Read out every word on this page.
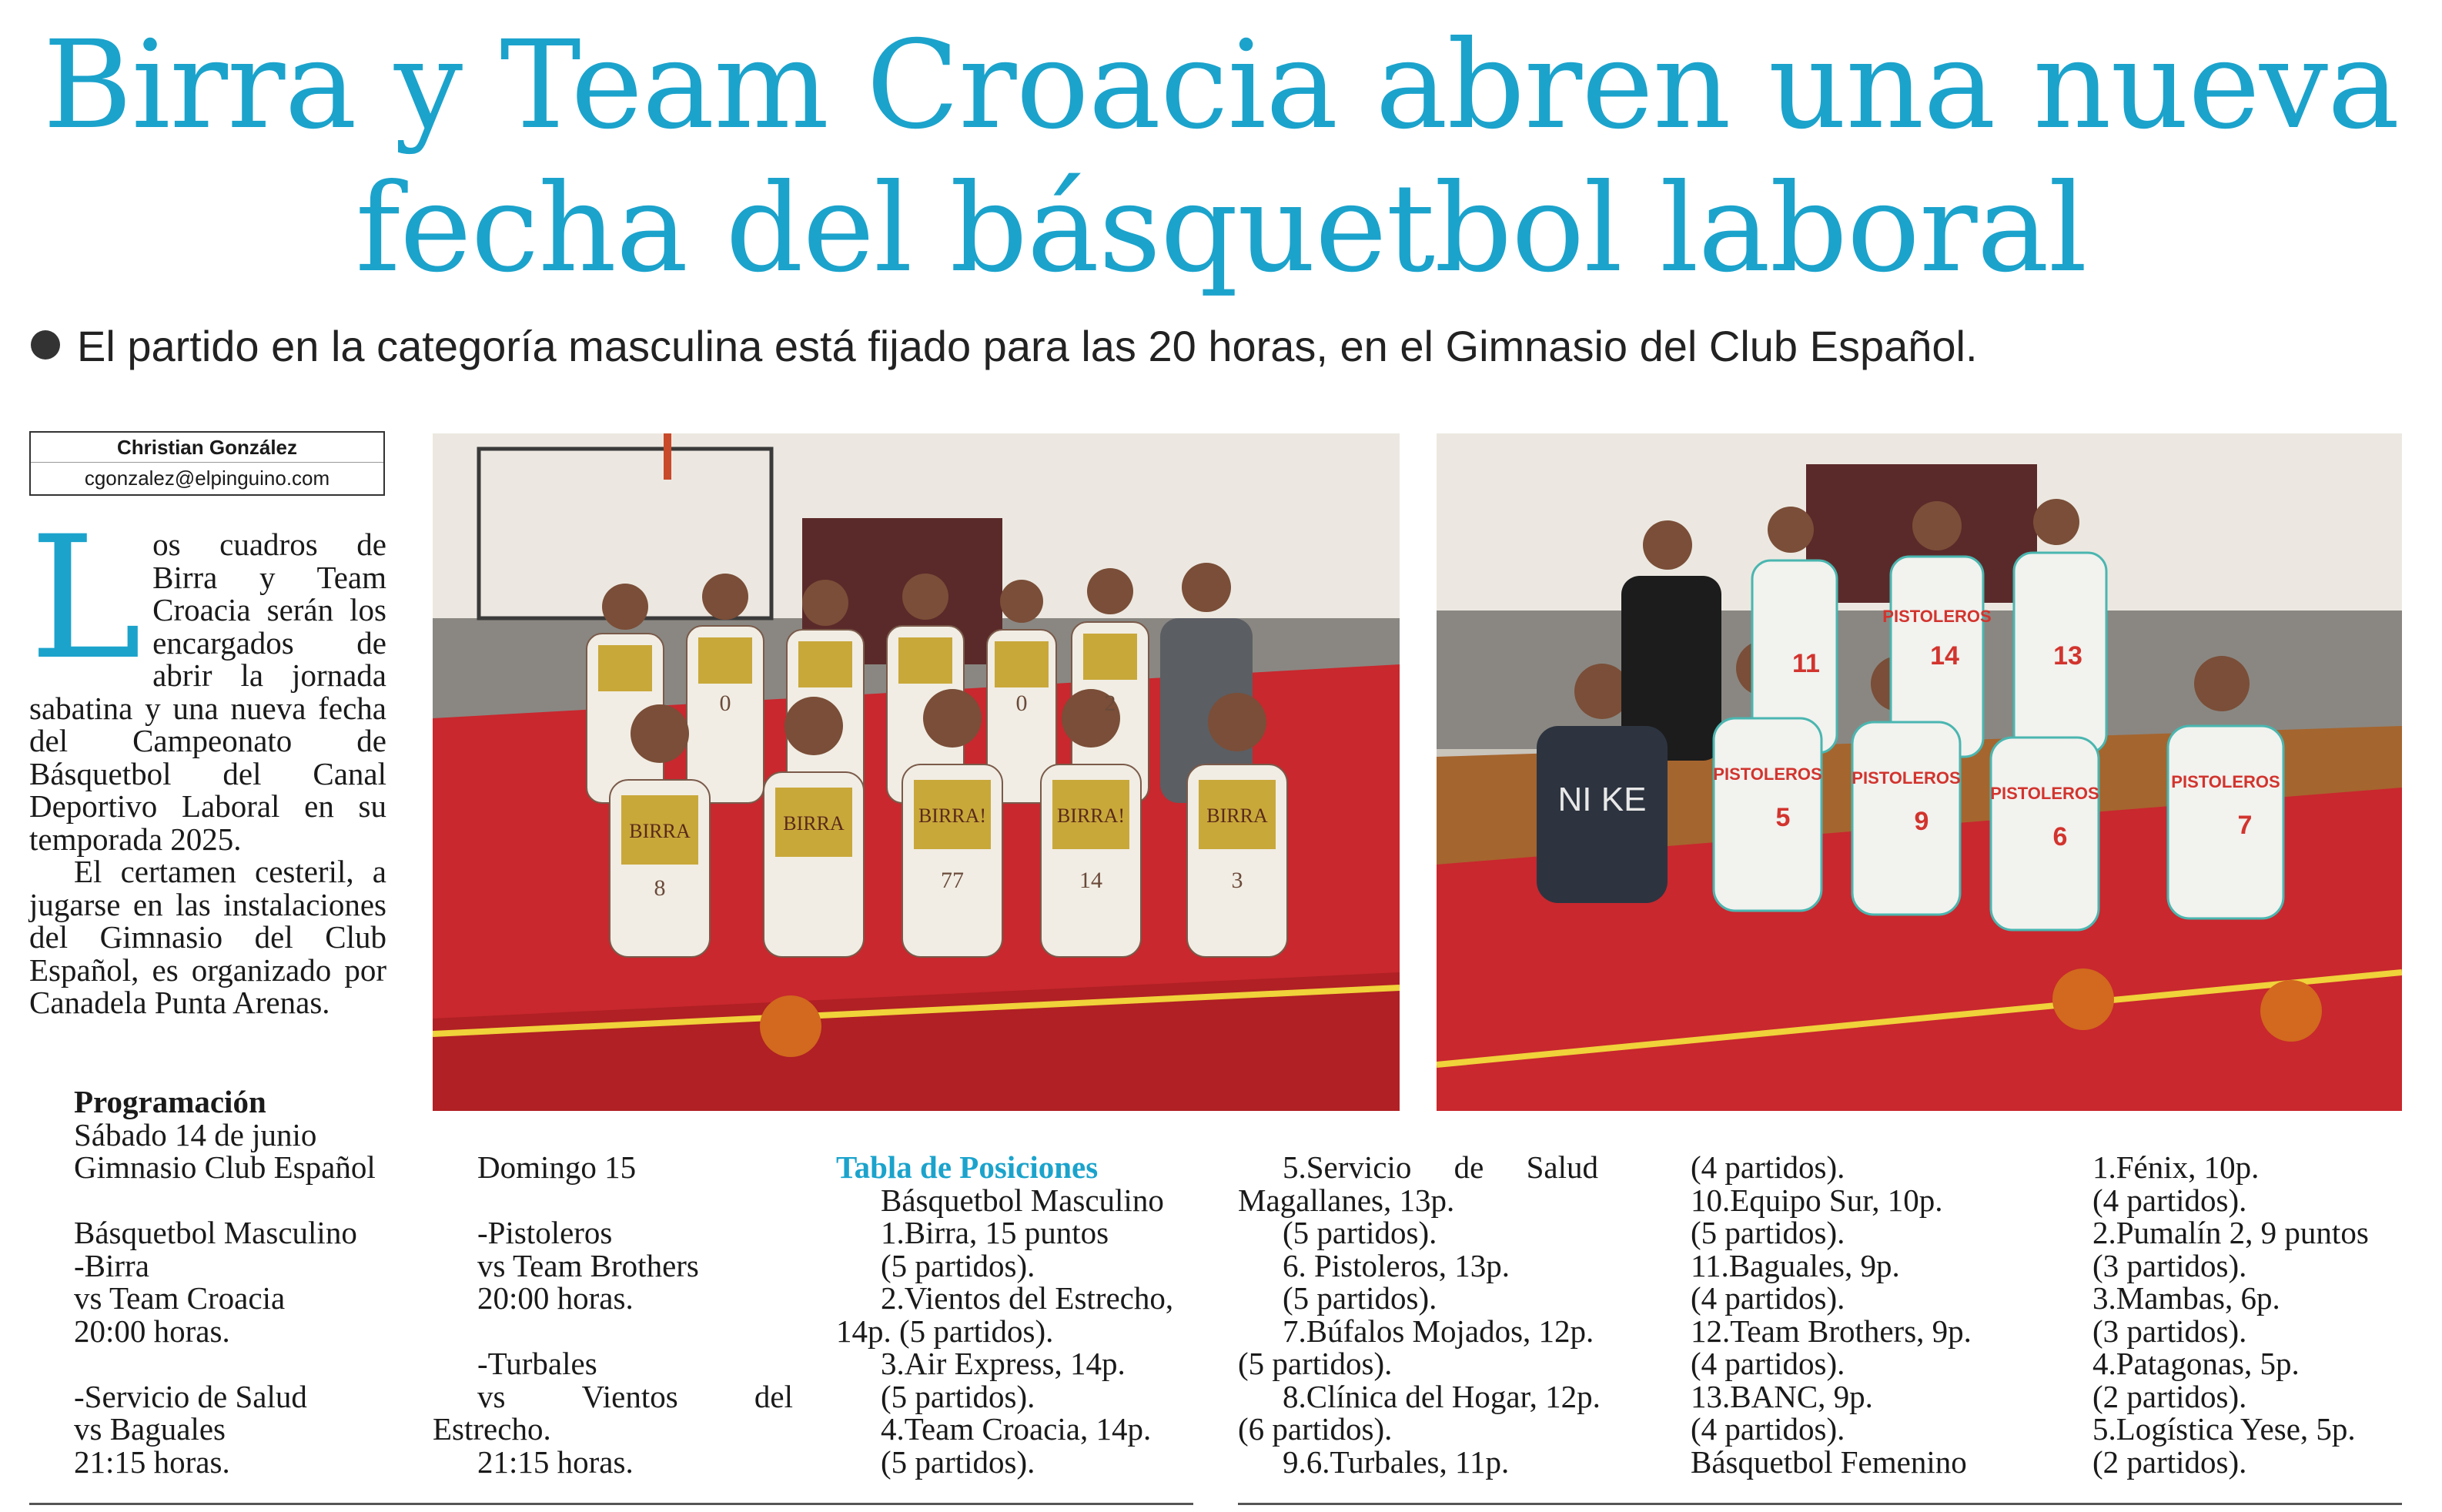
Birra y Team Croacia abren una nueva
fecha del básquetbol laboral
El partido en la categoría masculina está fijado para las 20 horas, en el Gimnasio del Club Español.
Christian González
cgonzalez@elpinguino.com
L os cuadros de Birra y Team Croacia serán los encargados de abrir la jornada sabatina y una nueva fecha del Campeonato de Básquetbol del Canal Deportivo Laboral en su temporada 2025.

El certamen cesteril, a jugarse en las instalaciones del Gimnasio del Club Español, es organizado por Canadela Punta Arenas.

BIRRA	BIRRA	BIRRA!	BIRRA!	BIRRA
8	77	14	3
0	0	2
PISTOLEROS PISTOLEROS
PISTOLEROS
PISTOLEROS
PISTOLEROS
5	9
6	7
11	14	13
NI KE
Programación
Sábado 14 de junio
Gimnasio Club Español

Básquetbol Masculino
-Birra
vs Team Croacia
20:00 horas.

-Servicio de Salud
vs Baguales
21:15 horas.
Domingo 15

-Pistoleros
vs Team Brothers
20:00 horas.

-Turbales
vs Vientos del
Estrecho.
21:15 horas.
Tabla de Posiciones
Básquetbol Masculino
1.Birra, 15 puntos
(5 partidos).
2.Vientos del Estrecho,
14p. (5 partidos).
3.Air Express, 14p.
(5 partidos).
4.Team Croacia, 14p.
(5 partidos).
5.Servicio de Salud
Magallanes, 13p.
(5 partidos).
6. Pistoleros, 13p.
(5 partidos).
7.Búfalos Mojados, 12p.
(5 partidos).
8.Clínica del Hogar, 12p.
(6 partidos).
9.6.Turbales, 11p.
(4 partidos).
10.Equipo Sur, 10p.
(5 partidos).
11.Baguales, 9p.
(4 partidos).
12.Team Brothers, 9p.
(4 partidos).
13.BANC, 9p.
(4 partidos).
Básquetbol Femenino
1.Fénix, 10p.
(4 partidos).
2.Pumalín 2, 9 puntos
(3 partidos).
3.Mambas, 6p.
(3 partidos).
4.Patagonas, 5p.
(2 partidos).
5.Logística Yese, 5p.
(2 partidos).
